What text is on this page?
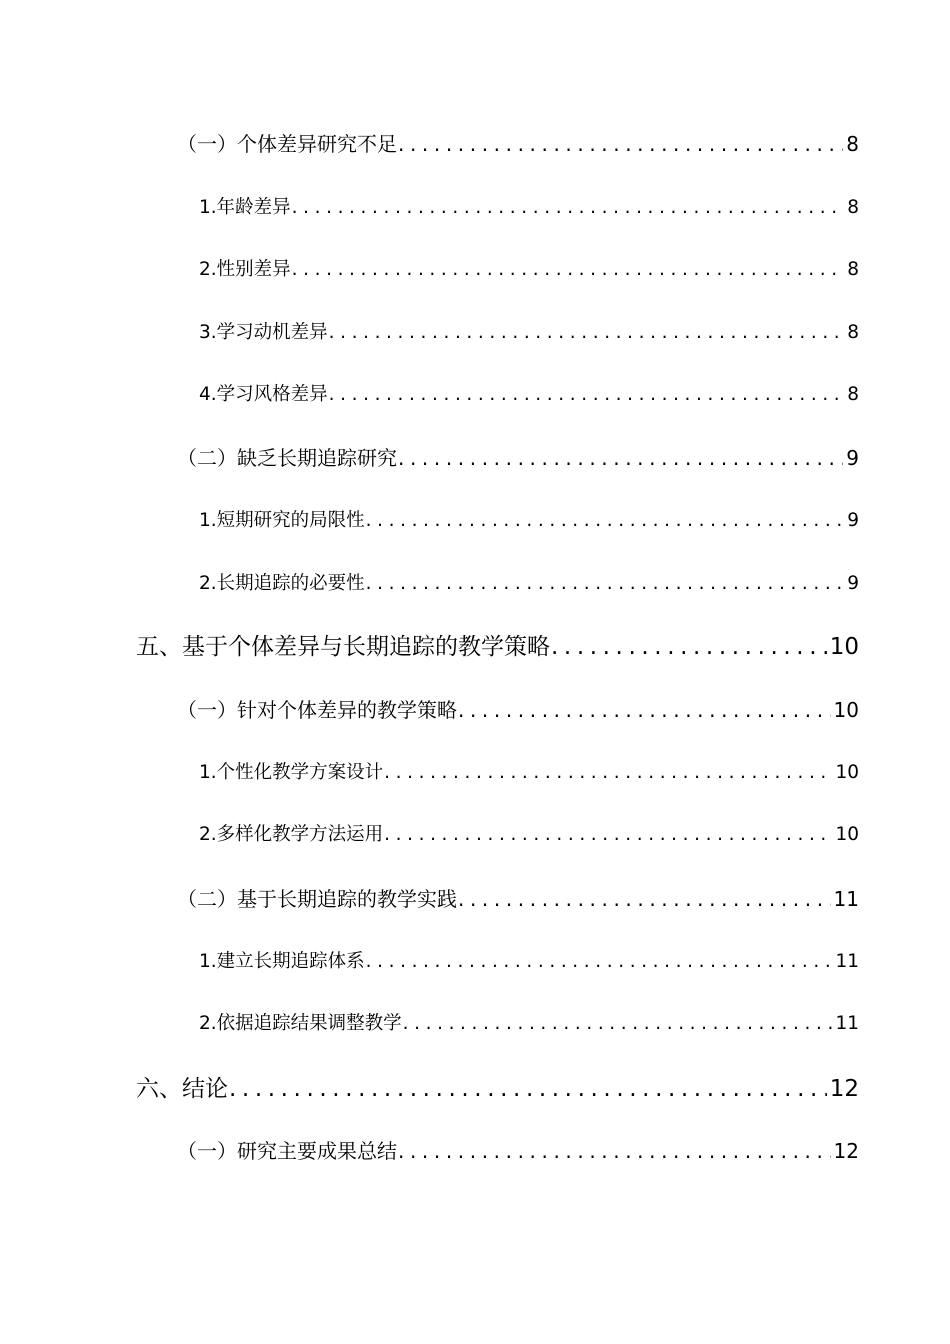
（一）个体差异研究不足 .....	8
1.年龄差异 .....	8
2.性别差异 .....	8
3.学习动机差异 .....	8
4.学习风格差异 .....	8
（二）缺乏长期追踪研究 .....	9
1.短期研究的局限性 .....	9
2.长期追踪的必要性 .....	9
五、基于个体差异与长期追踪的教学策略 .....	10
（一）针对个体差异的教学策略 .....	10
1.个性化教学方案设计 .....	10
2.多样化教学方法运用 .....	10
（二）基于长期追踪的教学实践 .....	11
1.建立长期追踪体系 .....	11
2.依据追踪结果调整教学 .....	11
六、结论 .....	12
（一）研究主要成果总结 .....	12
